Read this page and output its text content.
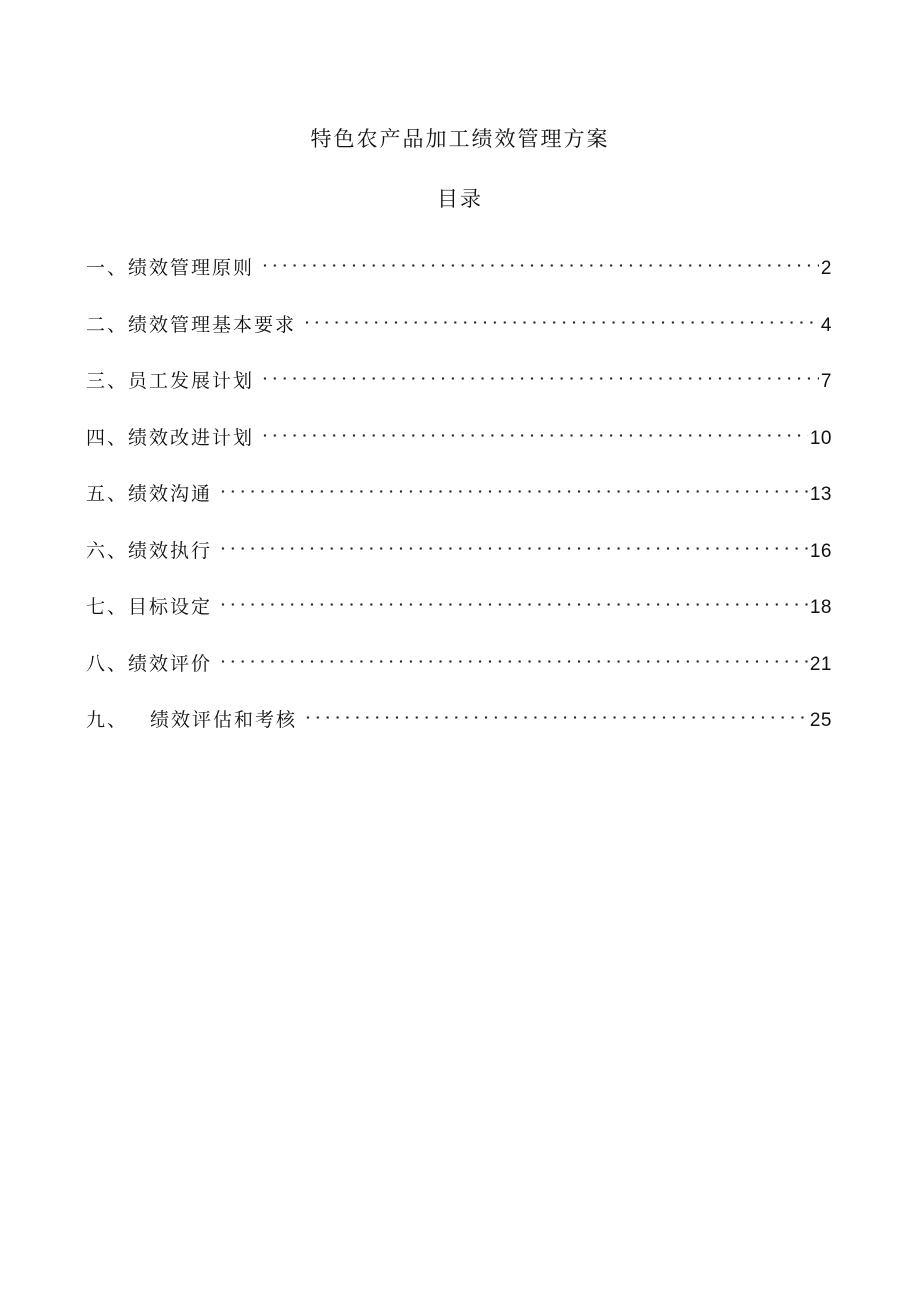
特色农产品加工绩效管理方案
目录
一、 绩效管理原则	2
二、 绩效管理基本要求	4
三、 员工发展计划	7
四、 绩效改进计划	10
五、 绩效沟通	13
六、 绩效执行	16
七、 目标设定	18
八、 绩效评价	21
九、 绩效评估和考核	25
